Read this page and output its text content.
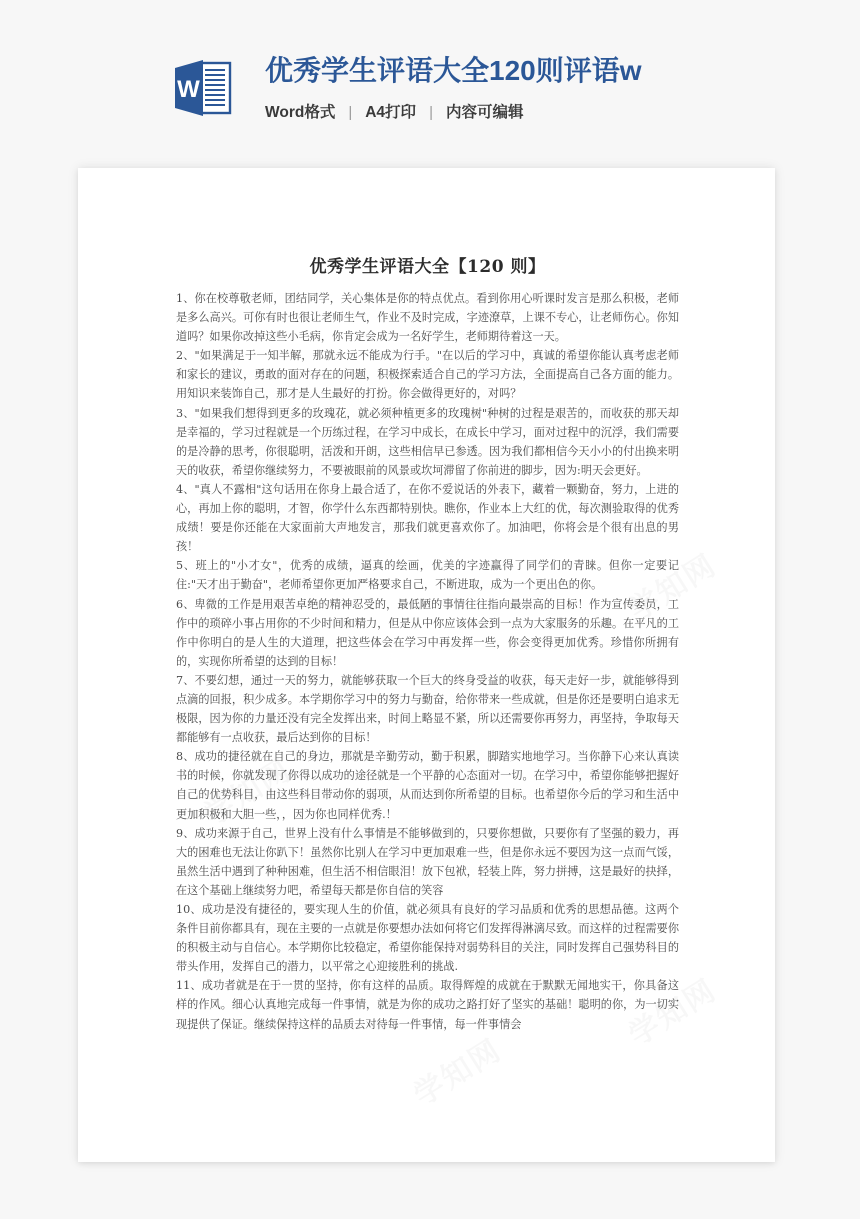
W
优秀学生评语大全120则评语w
Word格式 | A4打印 | 内容可编辑
优秀学生评语大全【120 则】

1、你在校尊敬老师，团结同学，关心集体是你的特点优点。看到你用心听课时发言是那么积极，老师是多么高兴。可你有时也很让老师生气，作业不及时完成，字迹潦草，上课不专心，让老师伤心。你知道吗？如果你改掉这些小毛病，你肯定会成为一名好学生，老师期待着这一天。

2、"如果满足于一知半解，那就永远不能成为行手。"在以后的学习中，真诚的希望你能认真考虑老师和家长的建议，勇敢的面对存在的问题，积极探索适合自己的学习方法，全面提高自己各方面的能力。用知识来装饰自己，那才是人生最好的打扮。你会做得更好的，对吗？

3、"如果我们想得到更多的玫瑰花，就必须种植更多的玫瑰树"种树的过程是艰苦的，而收获的那天却是幸福的，学习过程就是一个历练过程，在学习中成长，在成长中学习，面对过程中的沉浮，我们需要的是冷静的思考，你很聪明，活泼和开朗，这些相信早已参透。因为我们都相信今天小小的付出换来明天的收获，希望你继续努力，不要被眼前的风景或坎坷滞留了你前进的脚步，因为:明天会更好。

4、"真人不露相"这句话用在你身上最合适了，在你不爱说话的外表下，藏着一颗勤奋，努力，上进的心，再加上你的聪明，才智，你学什么东西都特别快。瞧你，作业本上大红的优，每次测验取得的优秀成绩！要是你还能在大家面前大声地发言，那我们就更喜欢你了。加油吧，你将会是个很有出息的男孩！

5、班上的"小才女"，优秀的成绩，逼真的绘画，优美的字迹赢得了同学们的青睐。但你一定要记住:"天才出于勤奋"，老师希望你更加严格要求自己，不断进取，成为一个更出色的你。

6、卑微的工作是用艰苦卓绝的精神忍受的，最低陋的事情往往指向最崇高的目标！作为宣传委员，工作中的琐碎小事占用你的不少时间和精力，但是从中你应该体会到一点为大家服务的乐趣。在平凡的工作中你明白的是人生的大道理，把这些体会在学习中再发挥一些，你会变得更加优秀。珍惜你所拥有的，实现你所希望的达到的目标！

7、不要幻想，通过一天的努力，就能够获取一个巨大的终身受益的收获，每天走好一步，就能够得到点滴的回报，积少成多。本学期你学习中的努力与勤奋，给你带来一些成就，但是你还是要明白追求无极限，因为你的力量还没有完全发挥出来，时间上略显不紧，所以还需要你再努力，再坚持，争取每天都能够有一点收获，最后达到你的目标！

8、成功的捷径就在自己的身边，那就是辛勤劳动，勤于积累，脚踏实地地学习。当你静下心来认真读书的时候，你就发现了你得以成功的途径就是一个平静的心态面对一切。在学习中，希望你能够把握好自己的优势科目，由这些科目带动你的弱项，从而达到你所希望的目标。也希望你今后的学习和生活中更加积极和大胆一些，，因为你也同样优秀.！

9、成功来源于自己，世界上没有什么事情是不能够做到的，只要你想做，只要你有了坚强的毅力，再大的困难也无法让你趴下！虽然你比别人在学习中更加艰难一些，但是你永远不要因为这一点而气馁，虽然生活中遇到了种种困难，但生活不相信眼泪！放下包袱，轻装上阵，努力拼搏，这是最好的抉择，在这个基础上继续努力吧，希望每天都是你自信的笑容

10、成功是没有捷径的，要实现人生的价值，就必须具有良好的学习品质和优秀的思想品德。这两个条件目前你都具有，现在主要的一点就是你要想办法如何将它们发挥得淋漓尽致。而这样的过程需要你的积极主动与自信心。本学期你比较稳定，希望你能保持对弱势科目的关注，同时发挥自己强势科目的带头作用，发挥自己的潜力，以平常之心迎接胜利的挑战.

11、成功者就是在于一贯的坚持，你有这样的品质。取得辉煌的成就在于默默无闻地实干，你具备这样的作风。细心认真地完成每一件事情，就是为你的成功之路打好了坚实的基础！聪明的你，为一切实现提供了保证。继续保持这样的品质去对待每一件事情，每一件事情会
